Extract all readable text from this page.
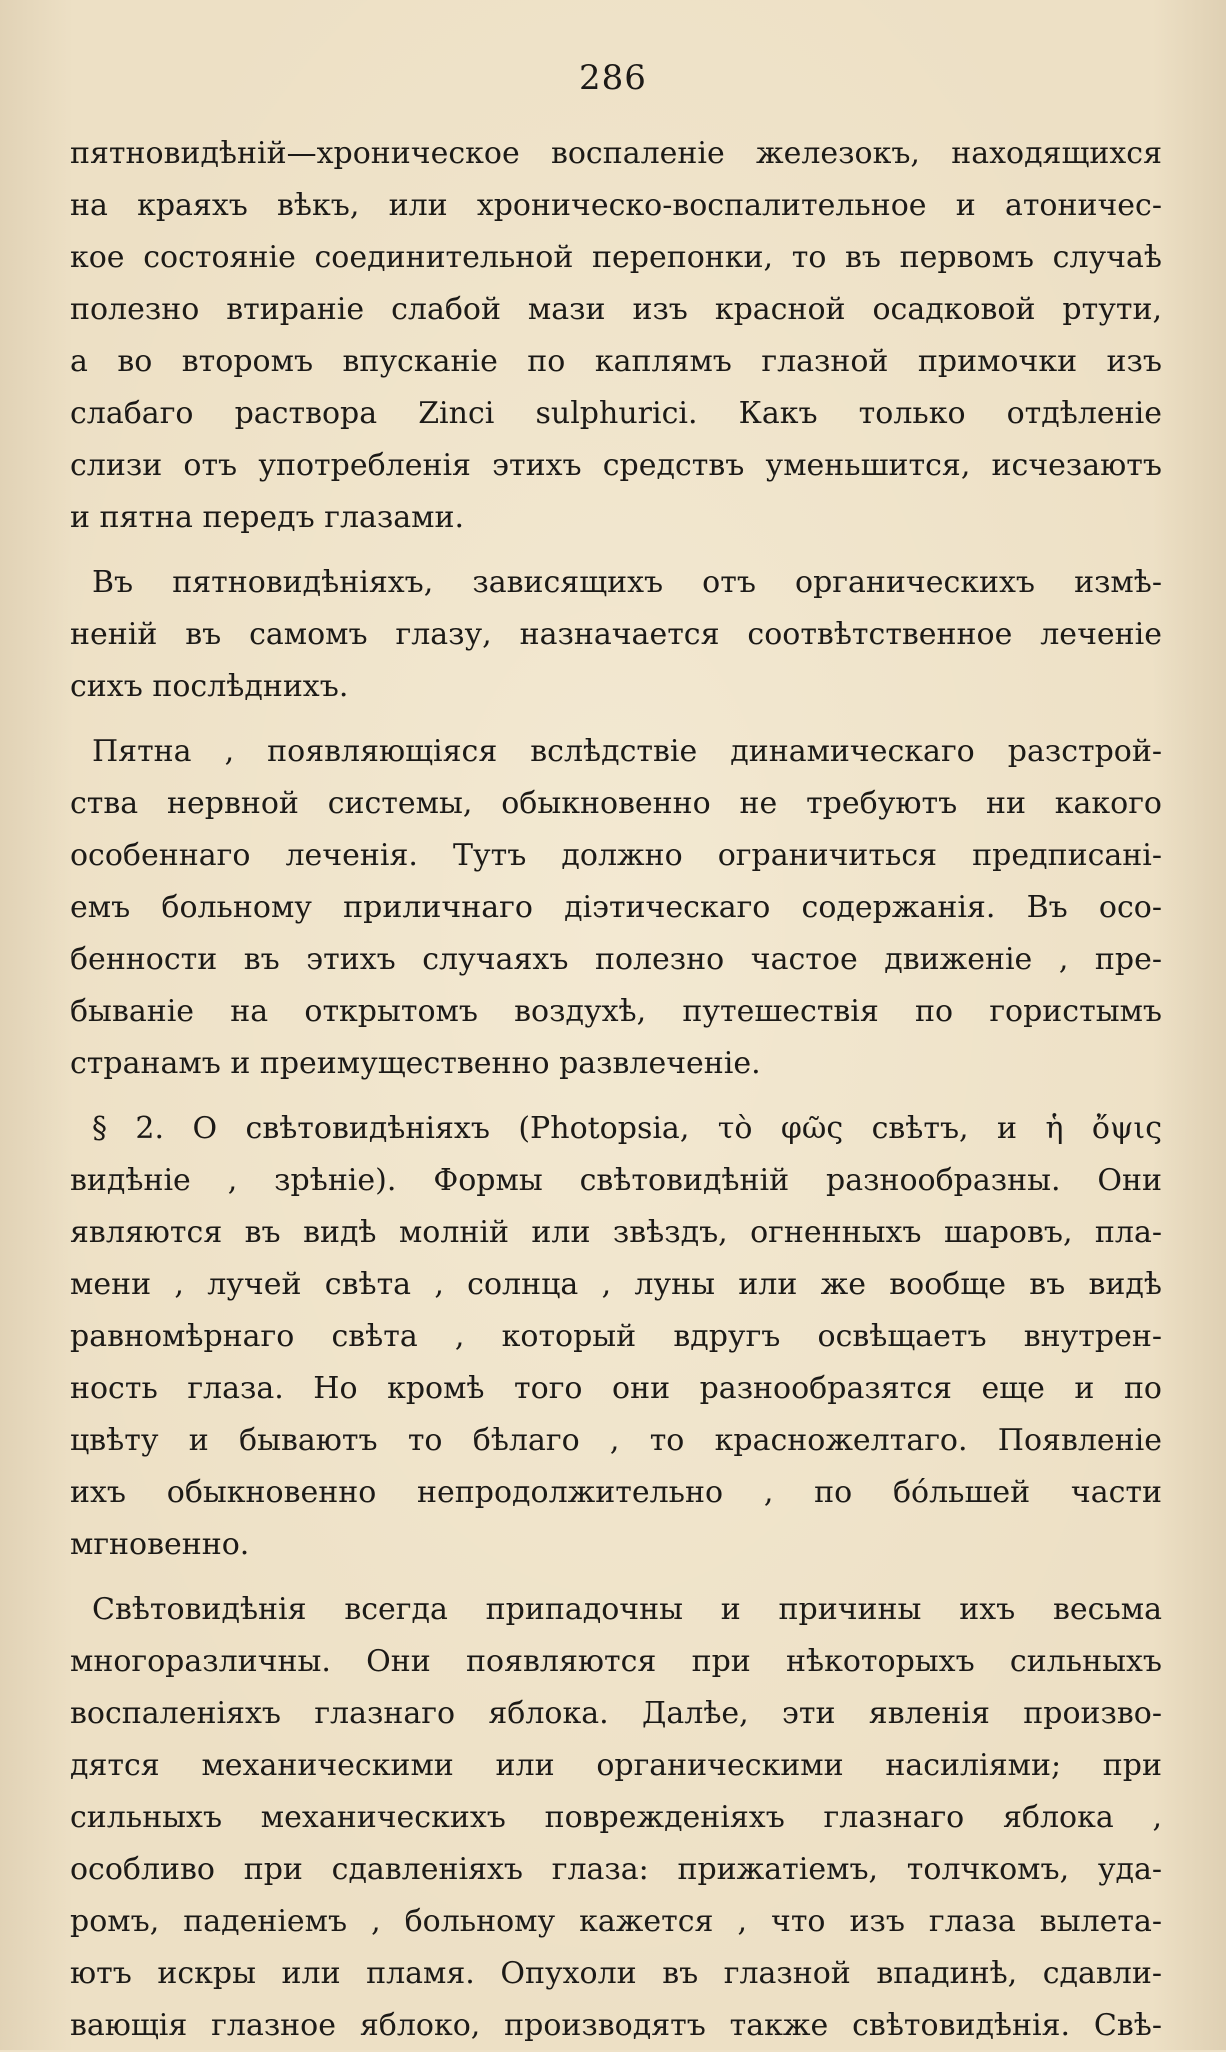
286
пятновидѣній—хроническое воспаленіе железокъ, находящихся
на краяхъ вѣкъ, или хроническо-воспалительное и атоничес-
кое состояніе соединительной перепонки, то въ первомъ случаѣ
полезно втираніе слабой мази изъ красной осадковой ртути,
а во второмъ впусканіе по каплямъ глазной примочки изъ
слабаго раствора Zinci sulphurici. Какъ только отдѣленіе
слизи отъ употребленія этихъ средствъ уменьшится, исчезаютъ
и пятна передъ глазами.
Въ пятновидѣніяхъ, зависящихъ отъ органическихъ измѣ-
неній въ самомъ глазу, назначается соотвѣтственное леченіе
сихъ послѣднихъ.
Пятна , появляющіяся вслѣдствіе динамическаго разстрой-
ства нервной системы, обыкновенно не требуютъ ни какого
особеннаго леченія. Тутъ должно ограничиться предписані-
емъ больному приличнаго діэтическаго содержанія. Въ осо-
бенности въ этихъ случаяхъ полезно частое движеніе , пре-
бываніе на открытомъ воздухѣ, путешествія по гористымъ
странамъ и преимущественно развлеченіе.
§ 2. О свѣтовидѣніяхъ (Photopsia, τὸ φῶς свѣтъ, и ἡ ὄψις
видѣніе , зрѣніе). Формы свѣтовидѣній разнообразны. Они
являются въ видѣ молній или звѣздъ, огненныхъ шаровъ, пла-
мени , лучей свѣта , солнца , луны или же вообще въ видѣ
равномѣрнаго свѣта , который вдругъ освѣщаетъ внутрен-
ность глаза. Но кромѣ того они разнообразятся еще и по
цвѣту и бываютъ то бѣлаго , то красножелтаго. Появленіе
ихъ обыкновенно непродолжительно , по бо́льшей части
мгновенно.
Свѣтовидѣнія всегда припадочны и причины ихъ весьма
многоразличны. Они появляются при нѣкоторыхъ сильныхъ
воспаленіяхъ глазнаго яблока. Далѣе, эти явленія произво-
дятся механическими или органическими насиліями; при
сильныхъ механическихъ поврежденіяхъ глазнаго яблока ,
особливо при сдавленіяхъ глаза: прижатіемъ, толчкомъ, уда-
ромъ, паденіемъ , больному кажется , что изъ глаза вылета-
ютъ искры или пламя. Опухоли въ глазной впадинѣ, сдавли-
вающія глазное яблоко, производятъ также свѣтовидѣнія. Свѣ-
